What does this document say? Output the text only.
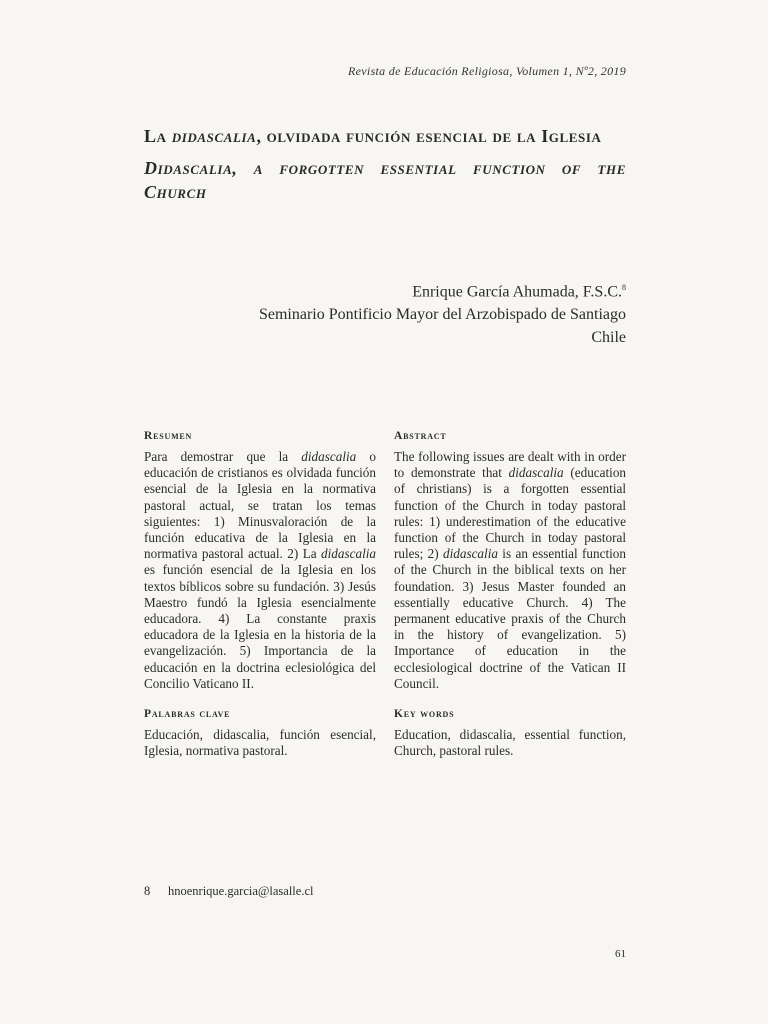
Revista de Educación Religiosa, Volumen 1, Nº2, 2019
La didascalia, olvidada función esencial de la Iglesia
Didascalia, a forgotten essential function of the Church
Enrique García Ahumada, F.S.C.$^8$
Seminario Pontificio Mayor del Arzobispado de Santiago
Chile
Resumen

Para demostrar que la didascalia o educación de cristianos es olvidada función esencial de la Iglesia en la normativa pastoral actual, se tratan los temas siguientes: 1) Minusvaloración de la función educativa de la Iglesia en la normativa pastoral actual. 2) La didascalia es función esencial de la Iglesia en los textos bíblicos sobre su fundación. 3) Jesús Maestro fundó la Iglesia esencialmente educadora. 4) La constante praxis educadora de la Iglesia en la historia de la evangelización. 5) Importancia de la educación en la doctrina eclesiológica del Concilio Vaticano II.

Palabras clave

Educación, didascalia, función esencial, Iglesia, normativa pastoral.

Abstract

The following issues are dealt with in order to demonstrate that didascalia (education of christians) is a forgotten essential function of the Church in today pastoral rules: 1) underestimation of the educative function of the Church in today pastoral rules; 2) didascalia is an essential function of the Church in the biblical texts on her foundation. 3) Jesus Master founded an essentially educative Church. 4) The permanent educative praxis of the Church in the history of evangelization. 5) Importance of education in the ecclesiological doctrine of the Vatican II Council.

Key words

Education, didascalia, essential function, Church, pastoral rules.

8 hnoenrique.garcia@lasalle.cl
61
